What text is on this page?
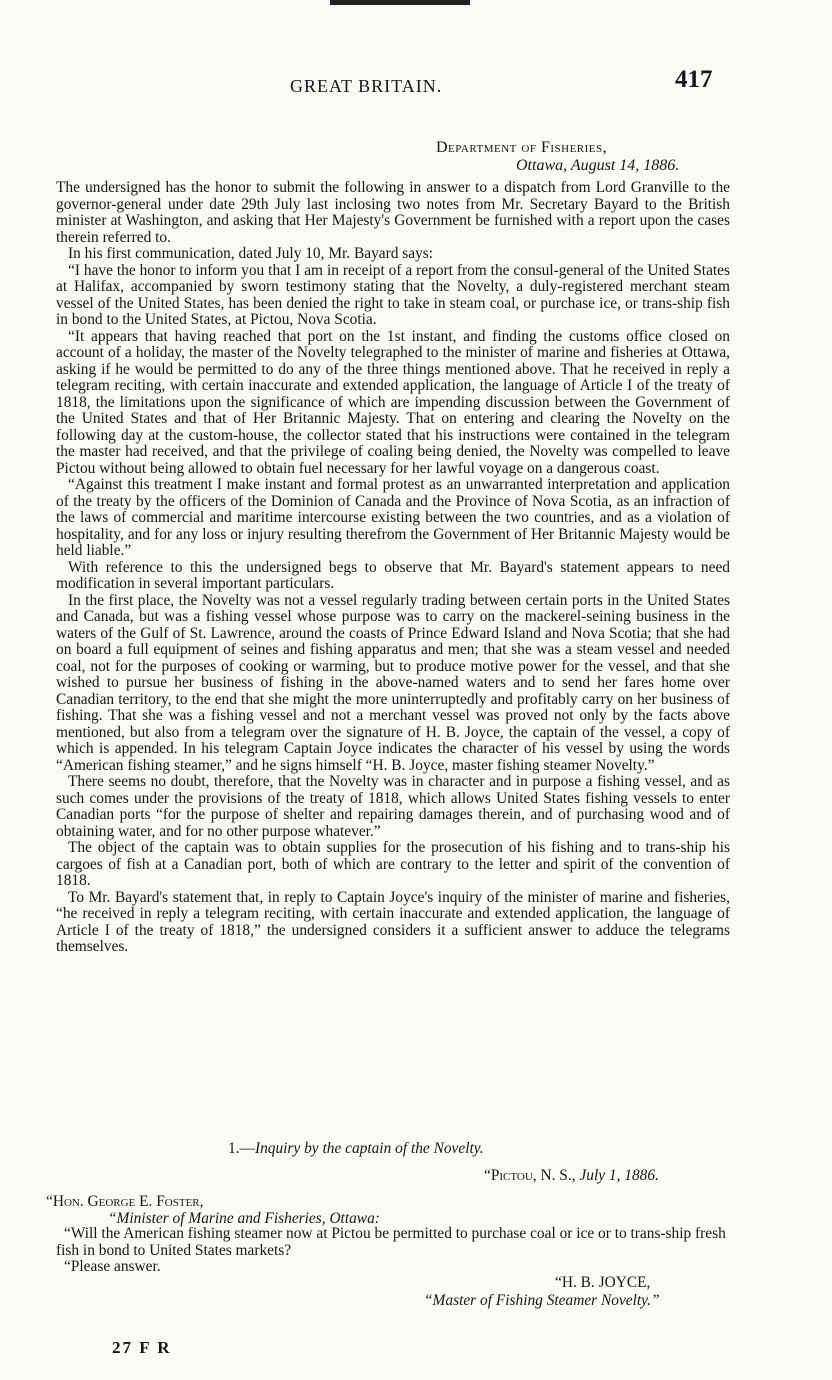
GREAT BRITAIN.	417
Department of Fisheries,
Ottawa, August 14, 1886.

The undersigned has the honor to submit the following in answer to a dispatch from Lord Granville to the governor-general under date 29th July last inclosing two notes from Mr. Secretary Bayard to the British minister at Washington, and asking that Her Majesty's Government be furnished with a report upon the cases therein referred to.

In his first communication, dated July 10, Mr. Bayard says:

“I have the honor to inform you that I am in receipt of a report from the consul-general of the United States at Halifax, accompanied by sworn testimony stating that the Novelty, a duly-registered merchant steam vessel of the United States, has been denied the right to take in steam coal, or purchase ice, or trans-ship fish in bond to the United States, at Pictou, Nova Scotia.

“It appears that having reached that port on the 1st instant, and finding the customs office closed on account of a holiday, the master of the Novelty telegraphed to the minister of marine and fisheries at Ottawa, asking if he would be permitted to do any of the three things mentioned above. That he received in reply a telegram reciting, with certain inaccurate and extended application, the language of Article I of the treaty of 1818, the limitations upon the significance of which are impending discussion between the Government of the United States and that of Her Britannic Majesty. That on entering and clearing the Novelty on the following day at the custom-house, the collector stated that his instructions were contained in the telegram the master had received, and that the privilege of coaling being denied, the Novelty was compelled to leave Pictou without being allowed to obtain fuel necessary for her lawful voyage on a dangerous coast.

“Against this treatment I make instant and formal protest as an unwarranted interpretation and application of the treaty by the officers of the Dominion of Canada and the Province of Nova Scotia, as an infraction of the laws of commercial and maritime intercourse existing between the two countries, and as a violation of hospitality, and for any loss or injury resulting therefrom the Government of Her Britannic Majesty would be held liable.”

With reference to this the undersigned begs to observe that Mr. Bayard's statement appears to need modification in several important particulars.

In the first place, the Novelty was not a vessel regularly trading between certain ports in the United States and Canada, but was a fishing vessel whose purpose was to carry on the mackerel-seining business in the waters of the Gulf of St. Lawrence, around the coasts of Prince Edward Island and Nova Scotia; that she had on board a full equipment of seines and fishing apparatus and men; that she was a steam vessel and needed coal, not for the purposes of cooking or warming, but to produce motive power for the vessel, and that she wished to pursue her business of fishing in the above-named waters and to send her fares home over Canadian territory, to the end that she might the more uninterruptedly and profitably carry on her business of fishing. That she was a fishing vessel and not a merchant vessel was proved not only by the facts above mentioned, but also from a telegram over the signature of H. B. Joyce, the captain of the vessel, a copy of which is appended. In his telegram Captain Joyce indicates the character of his vessel by using the words “American fishing steamer,” and he signs himself “H. B. Joyce, master fishing steamer Novelty.”

There seems no doubt, therefore, that the Novelty was in character and in purpose a fishing vessel, and as such comes under the provisions of the treaty of 1818, which allows United States fishing vessels to enter Canadian ports “for the purpose of shelter and repairing damages therein, and of purchasing wood and of obtaining water, and for no other purpose whatever.”

The object of the captain was to obtain supplies for the prosecution of his fishing and to trans-ship his cargoes of fish at a Canadian port, both of which are contrary to the letter and spirit of the convention of 1818.

To Mr. Bayard's statement that, in reply to Captain Joyce's inquiry of the minister of marine and fisheries, “he received in reply a telegram reciting, with certain inaccurate and extended application, the language of Article I of the treaty of 1818,” the undersigned considers it a sufficient answer to adduce the telegrams themselves.

1.—Inquiry by the captain of the Novelty.
“Pictou, N. S., July 1, 1886.
“Hon. George E. Foster,
“Minister of Marine and Fisheries, Ottawa:

“Will the American fishing steamer now at Pictou be permitted to purchase coal or ice or to trans-ship fresh fish in bond to United States markets?

“Please answer.

“H. B. JOYCE,
“Master of Fishing Steamer Novelty.”
27 F R
